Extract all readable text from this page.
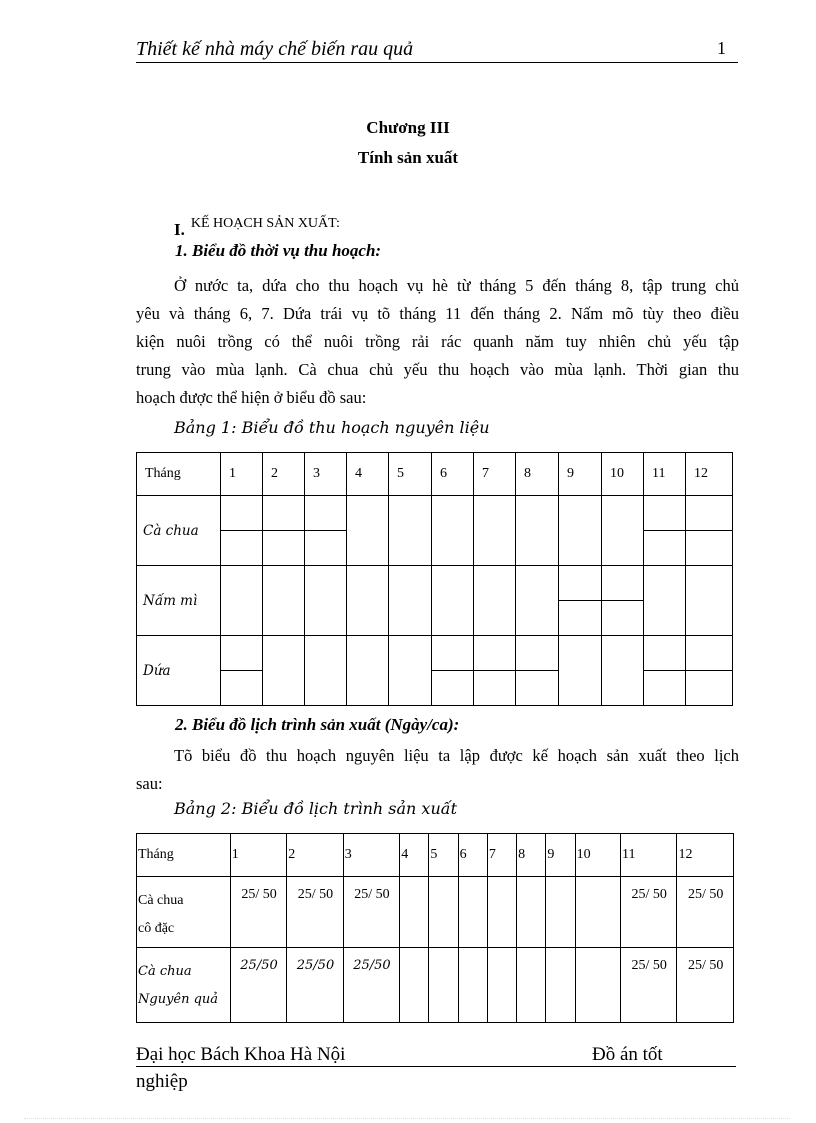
Thiết kế nhà máy chế biến rau quả	1
Chương III
Tính sản xuất
I. KẾ HOẠCH SẢN XUẤT:
1. Biểu đồ thời vụ thu hoạch:
Ở nước ta, dứa cho thu hoạch vụ hè từ tháng 5 đến tháng 8, tập trung chủ
yêu và tháng 6, 7. Dứa trái vụ tõ tháng 11 đến tháng 2. Nấm mõ tùy theo điều
kiện nuôi trồng có thể nuôi trồng rải rác quanh năm tuy nhiên chủ yếu tập
trung vào mùa lạnh. Cà chua chủ yếu thu hoạch vào mùa lạnh. Thời gian thu
hoạch được thể hiện ở biểu đồ sau:
Bảng 1: Biểu đồ thu hoạch nguyên liệu
Tháng	1	2	3	4	5	6	7	8	9	10	11	12
Cà chua												

Nấm mì												

Dứa												

2. Biểu đồ lịch trình sản xuất (Ngày/ca):
Tõ biểu đồ thu hoạch nguyên liệu ta lập được kế hoạch sản xuất theo lịch
sau:
Bảng 2: Biểu đồ lịch trình sản xuất
Tháng	1	2	3	4	5	6	7	8	9	10	11	12
Cà chua
cô đặc	25/ 50	25/ 50	25/ 50								25/ 50	25/ 50
Cà chua
Nguyên quả	25/50	25/50	25/50								25/ 50	25/ 50
Đại học Bách Khoa Hà Nội	Đồ án tốt
nghiệp
